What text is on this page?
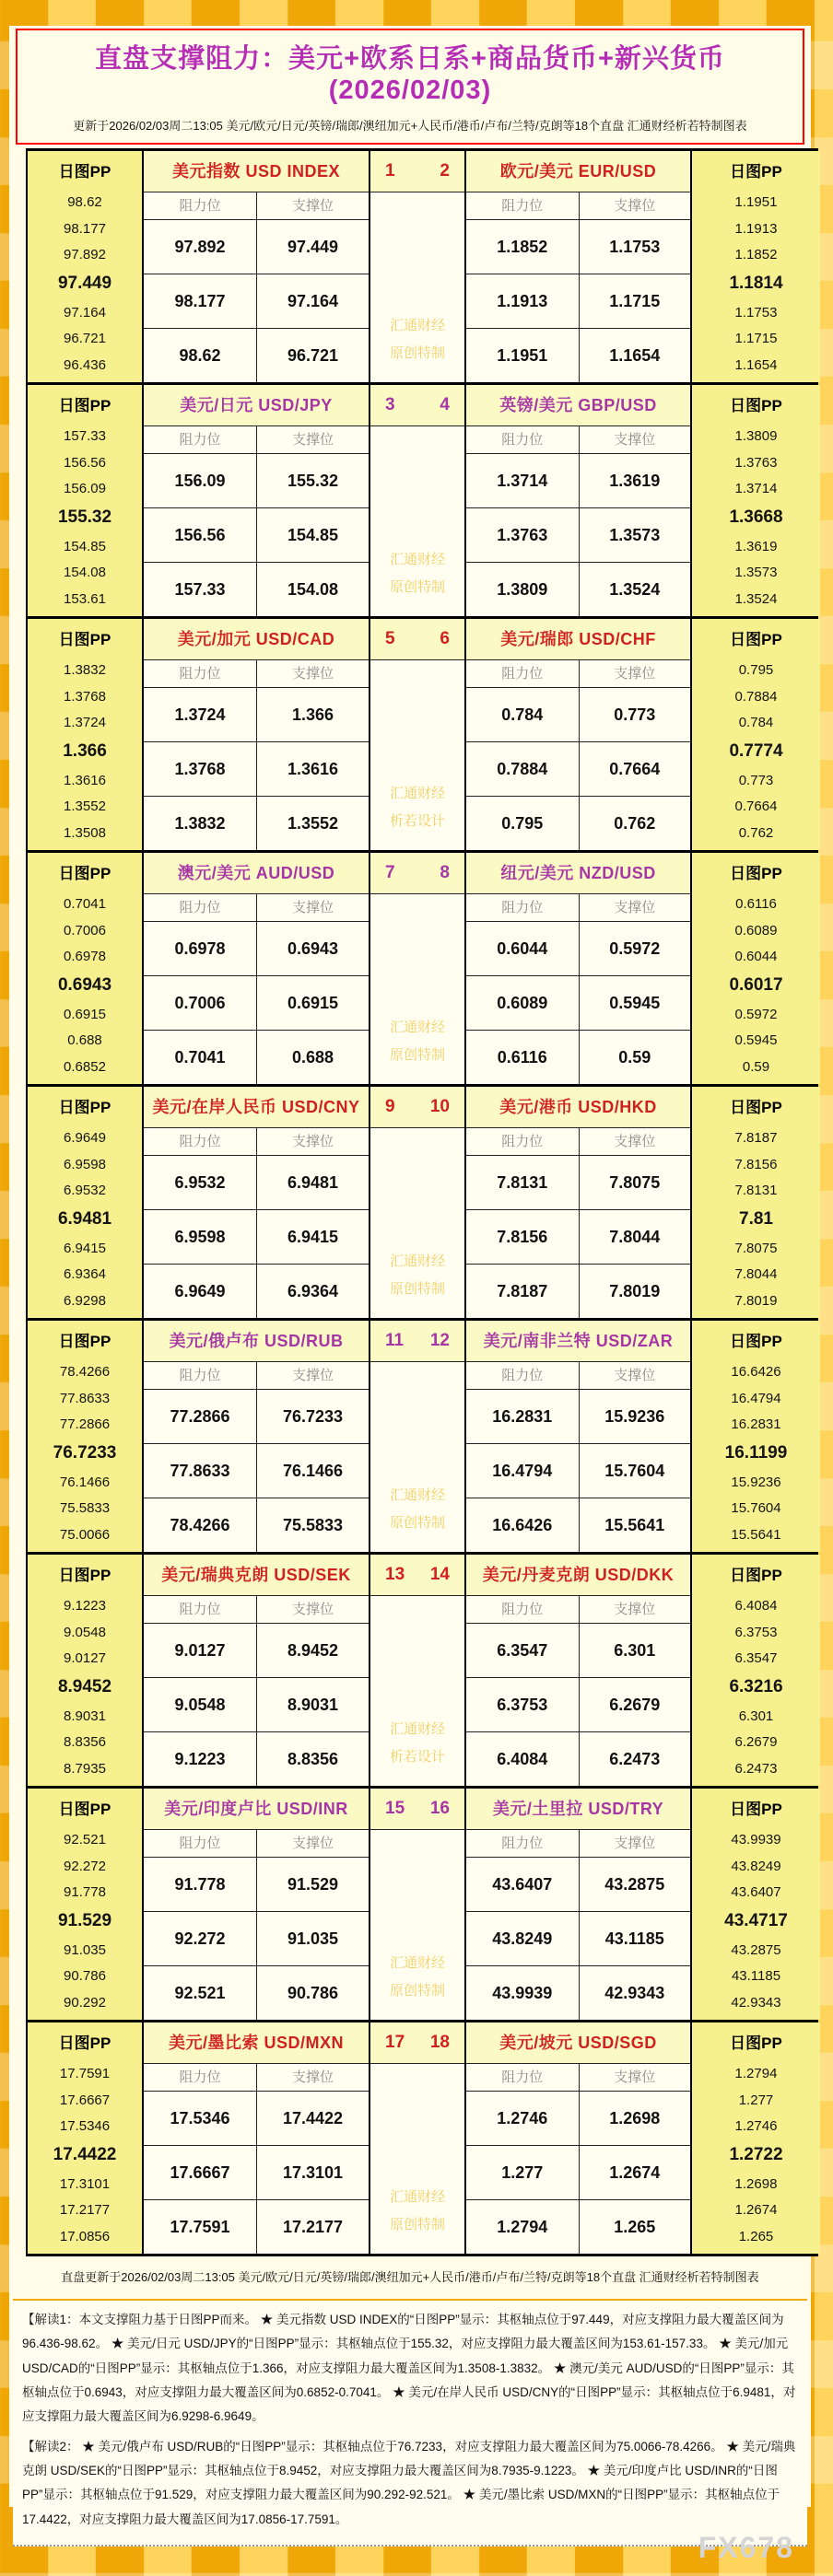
直盘支撑阻力：美元+欧系日系+商品货币+新兴货币(2026/02/03)
更新于2026/02/03周二13:05 美元/欧元/日元/英镑/瑞郎/澳纽加元+人民币/港币/卢布/兰特/克朗等18个直盘 汇通财经析若特制图表
日图PP
98.62
98.177
97.892
97.449
97.164
96.721
96.436
美元指数 USD INDEX
阻力位	支撑位
97.892	97.449
98.177	97.164
98.62	96.721
1	2
汇通财经
原创特制
欧元/美元 EUR/USD
阻力位	支撑位
1.1852	1.1753
1.1913	1.1715
1.1951	1.1654
日图PP
1.1951
1.1913
1.1852
1.1814
1.1753
1.1715
1.1654
日图PP
157.33
156.56
156.09
155.32
154.85
154.08
153.61
美元/日元 USD/JPY
阻力位	支撑位
156.09	155.32
156.56	154.85
157.33	154.08
3	4
汇通财经
原创特制
英镑/美元 GBP/USD
阻力位	支撑位
1.3714	1.3619
1.3763	1.3573
1.3809	1.3524
日图PP
1.3809
1.3763
1.3714
1.3668
1.3619
1.3573
1.3524
日图PP
1.3832
1.3768
1.3724
1.366
1.3616
1.3552
1.3508
美元/加元 USD/CAD
阻力位	支撑位
1.3724	1.366
1.3768	1.3616
1.3832	1.3552
5	6
汇通财经
析若设计
美元/瑞郎 USD/CHF
阻力位	支撑位
0.784	0.773
0.7884	0.7664
0.795	0.762
日图PP
0.795
0.7884
0.784
0.7774
0.773
0.7664
0.762
日图PP
0.7041
0.7006
0.6978
0.6943
0.6915
0.688
0.6852
澳元/美元 AUD/USD
阻力位	支撑位
0.6978	0.6943
0.7006	0.6915
0.7041	0.688
7	8
汇通财经
原创特制
纽元/美元 NZD/USD
阻力位	支撑位
0.6044	0.5972
0.6089	0.5945
0.6116	0.59
日图PP
0.6116
0.6089
0.6044
0.6017
0.5972
0.5945
0.59
日图PP
6.9649
6.9598
6.9532
6.9481
6.9415
6.9364
6.9298
美元/在岸人民币 USD/CNY
阻力位	支撑位
6.9532	6.9481
6.9598	6.9415
6.9649	6.9364
9 10
汇通财经
原创特制
美元/港币 USD/HKD
阻力位	支撑位
7.8131	7.8075
7.8156	7.8044
7.8187	7.8019
日图PP
7.8187
7.8156
7.8131
7.81
7.8075
7.8044
7.8019
日图PP
78.4266
77.8633
77.2866
76.7233
76.1466
75.5833
75.0066
美元/俄卢布 USD/RUB
阻力位	支撑位
77.2866	76.7233
77.8633	76.1466
78.4266	75.5833
11 12
汇通财经
原创特制
美元/南非兰特 USD/ZAR
阻力位	支撑位
16.2831	15.9236
16.4794	15.7604
16.6426	15.5641
日图PP
16.6426
16.4794
16.2831
16.1199
15.9236
15.7604
15.5641
日图PP
9.1223
9.0548
9.0127
8.9452
8.9031
8.8356
8.7935
美元/瑞典克朗 USD/SEK
阻力位	支撑位
9.0127	8.9452
9.0548	8.9031
9.1223	8.8356
13 14
汇通财经
析若设计
美元/丹麦克朗 USD/DKK
阻力位	支撑位
6.3547	6.301
6.3753	6.2679
6.4084	6.2473
日图PP
6.4084
6.3753
6.3547
6.3216
6.301
6.2679
6.2473
日图PP
92.521
92.272
91.778
91.529
91.035
90.786
90.292
美元/印度卢比 USD/INR
阻力位	支撑位
91.778	91.529
92.272	91.035
92.521	90.786
15 16
汇通财经
原创特制
美元/土里拉 USD/TRY
阻力位	支撑位
43.6407	43.2875
43.8249	43.1185
43.9939	42.9343
日图PP
43.9939
43.8249
43.6407
43.4717
43.2875
43.1185
42.9343
日图PP
17.7591
17.6667
17.5346
17.4422
17.3101
17.2177
17.0856
美元/墨比索 USD/MXN
阻力位	支撑位
17.5346	17.4422
17.6667	17.3101
17.7591	17.2177
17 18
汇通财经
原创特制
美元/坡元 USD/SGD
阻力位	支撑位
1.2746	1.2698
1.277	1.2674
1.2794	1.265
日图PP
1.2794
1.277
1.2746
1.2722
1.2698
1.2674
1.265
直盘更新于2026/02/03周二13:05 美元/欧元/日元/英镑/瑞郎/澳纽加元+人民币/港币/卢布/兰特/克朗等18个直盘 汇通财经析若特制图表

【解读1：本文支撑阻力基于日图PP而来。 ★ 美元指数 USD INDEX的“日图PP”显示：其枢轴点位于97.449，对应支撑阻力最大覆盖区间为96.436-98.62。 ★ 美元/日元 USD/JPY的“日图PP”显示：其枢轴点位于155.32，对应支撑阻力最大覆盖区间为153.61-157.33。 ★ 美元/加元 USD/CAD的“日图PP”显示：其枢轴点位于1.366，对应支撑阻力最大覆盖区间为1.3508-1.3832。 ★ 澳元/美元 AUD/USD的“日图PP”显示：其枢轴点位于0.6943，对应支撑阻力最大覆盖区间为0.6852-0.7041。 ★ 美元/在岸人民币 USD/CNY的“日图PP”显示：其枢轴点位于6.9481，对应支撑阻力最大覆盖区间为6.9298-6.9649。

【解读2： ★ 美元/俄卢布 USD/RUB的“日图PP”显示：其枢轴点位于76.7233，对应支撑阻力最大覆盖区间为75.0066-78.4266。 ★ 美元/瑞典克朗 USD/SEK的“日图PP”显示：其枢轴点位于8.9452，对应支撑阻力最大覆盖区间为8.7935-9.1223。 ★ 美元/印度卢比 USD/INR的“日图PP”显示：其枢轴点位于91.529，对应支撑阻力最大覆盖区间为90.292-92.521。 ★ 美元/墨比索 USD/MXN的“日图PP”显示：其枢轴点位于17.4422，对应支撑阻力最大覆盖区间为17.0856-17.7591。

FX678
